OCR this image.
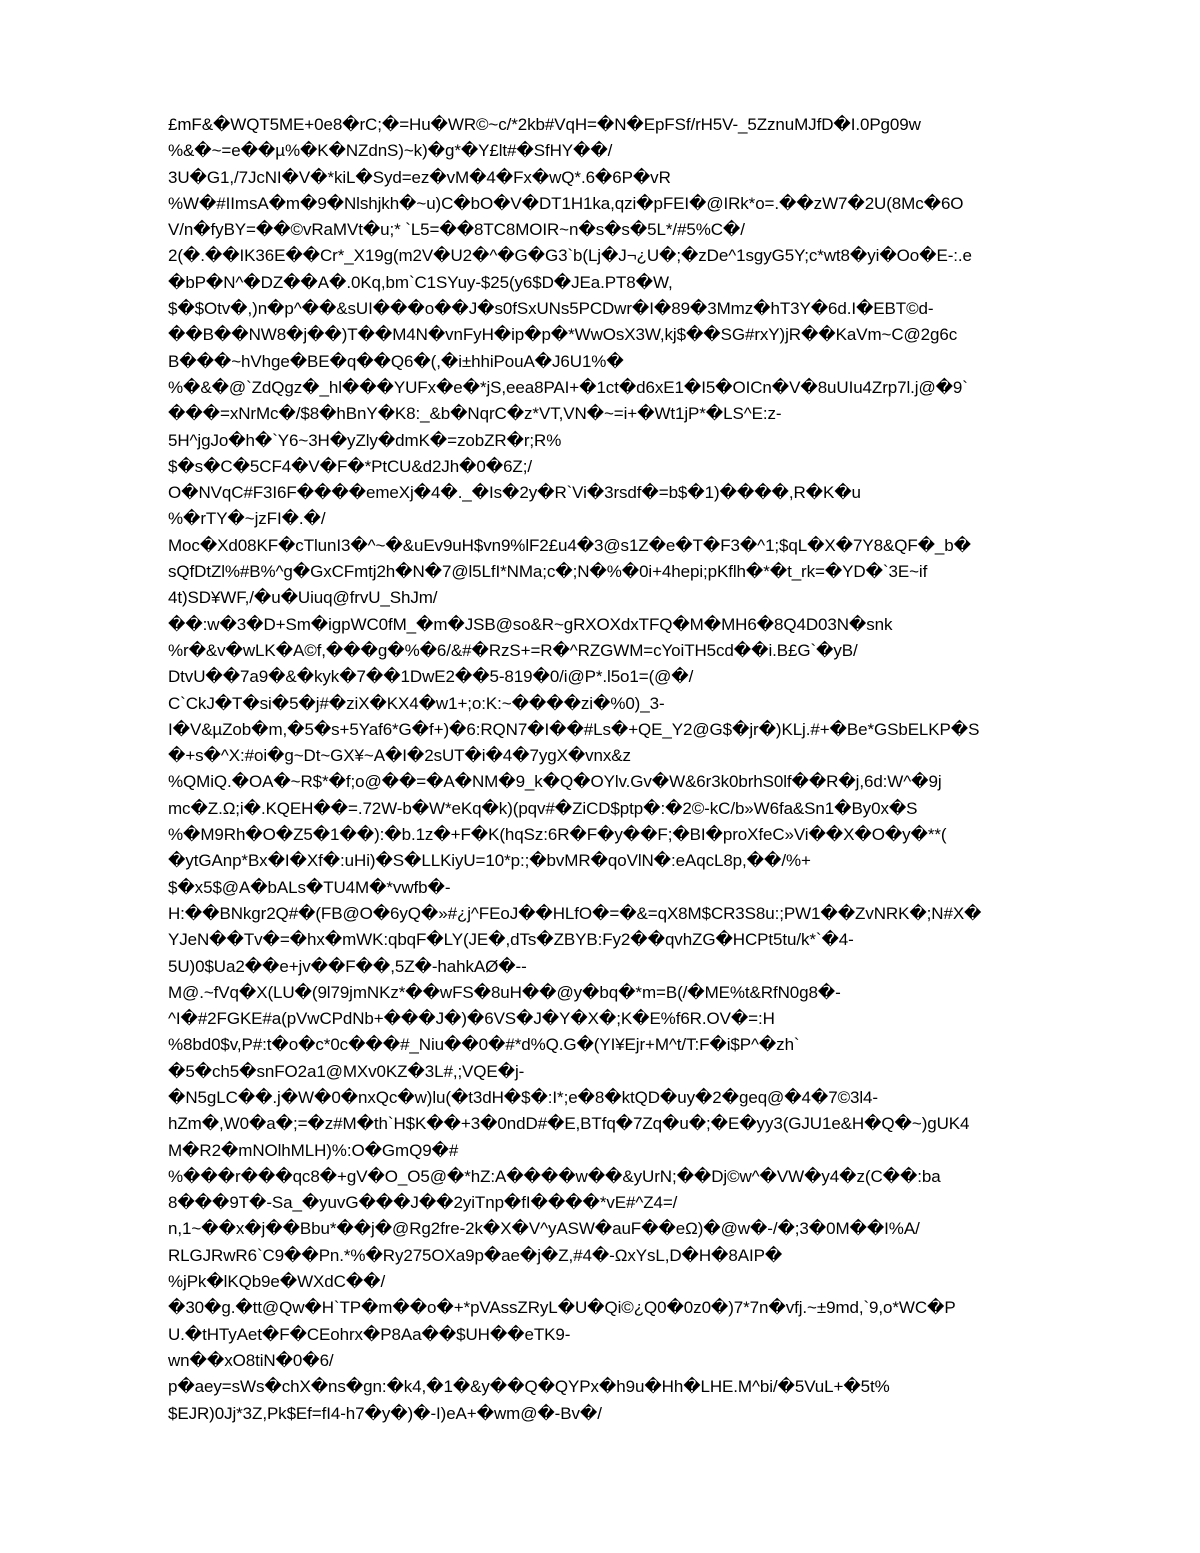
£mF&�WQT5ME+0e8�rC;�=Hu�WR©~c/*2kb#VqH=�N�EpFSf/rH5V-_5ZznuMJfD�I.0Pg09w
%&�~=e��µ%�K�NZdnS)~k)�g*�Y£lt#�SfHY��/
3U�G1,/7JcNI�V�*kiL�Syd=ez�vM�4�Fx�wQ*.6�6P�vR
%W�#IImsA�m�9�Nlshjkh�~u)C�bO�V�DT1H1ka,qzi�pFEI�@IRk*o=.��zW7�2U(8Mc�6O
V/n�fyBY=��©vRaMVt�u;* `L5=��8TC8MOIR~n�s�s�5L*/#5%C�/
2(�.��IK36E��Cr*_X19g(m2V�U2�^�G�G3`b(Lj�J¬¿U�;�zDe^1sgyG5Y;c*wt8�yi�Oo�E-:.e
�bP�N^�DZ��A�.0Kq,bm`C1SYuy-$25(y6$D�JEa.PT8�W,
$�$Otv�,)n�p^��&sUI���o��J�s0fSxUNs5PCDwr�I�89�3Mmz�hT3Y�6d.I�EBT©d-
��B��NW8�j��)T��M4N�vnFyH�ip�p�*WwOsX3W,kj$��SG#rxY)jR��KaVm~C@2g6c
B���~hVhge�BE�q��Q6�(,�i±hhiPouA�J6U1%�
%�&�@`ZdQgz�_hl���YUFx�e�*jS,eea8PAI+�1ct�d6xE1�I5�OICn�V�8uUIu4Zrp7l.j@�9`
���=xNrMc�/$8�hBnY�K8:_&b�NqrC�z*VT,VN�~=i+�Wt1jP*�LS^E:z-
5H^jgJo�h�`Y6~3H�yZly�dmK�=zobZR�r;R%
$�s�C�5CF4�V�F�*PtCU&d2Jh�0�6Z;/
O�NVqC#F3I6F����emeXj�4�._�Is�2y�R`Vi�3rsdf�=b$�1)����,R�K�u
%�rTY�~jzFI�.�/
Moc�Xd08KF�cTlunI3�^~�&uEv9uH$vn9%lF2£u4�3@s1Z�e�T�F3�^1;$qL�X�7Y8&QF�_b�
sQfDtZl%#B%^g�GxCFmtj2h�N�7@l5LfI*NMa;c�;N�%�0i+4hepi;pKflh�*�t_rk=�YD�`3E~if
4t)SD¥WF,/�u�Uiuq@frvU_ShJm/
��:w�3�D+Sm�igpWC0fM_�m�JSB@so&R~gRXOXdxTFQ�M�MH6�8Q4D03N�snk
%r�&v�wLK�A©f,���g�%�6/&#�RzS+=R�^RZGWM=cYoiTH5cd��i.B£G`�yB/
DtvU��7a9�&�kyk�7��1DwE2��5-819�0/i@P*.l5o1=(@�/
C`CkJ�T�si�5�j#�ziX�KX4�w1+;o:K:~����zi�%0)_3-
I�V&µZob�m,�5�s+5Yaf6*G�f+)�6:RQN7�I��#Ls�+QE_Y2@G$�jr�)KLj.#+�Be*GSbELKP�S
�+s�^X:#oi�g~Dt~GX¥~A�I�2sUT�i�4�7ygX�vnx&z
%QMiQ.�OA�~R$*�f;o@��=�A�NM�9_k�Q�OYlv.Gv�W&6r3k0brhS0lf��R�j,6d:W^�9j
mc�Z.Ω;i�.KQEH��=.72W-b�W*eKq�k)(pqv#�ZiCD$ptp�:�2©-kC/b»W6fa&Sn1�By0x�S
%�M9Rh�O�Z5�1��):�b.1z�+F�K(hqSz:6R�F�y��F;�BI�proXfeC»Vi��X�O�y�**(
�ytGAnp*Bx�I�Xf�:uHi)�S�LLKiyU=10*p:;�bvMR�qoVlN�:eAqcL8p,��/%+
$�x5$@A�bALs�TU4M�*vwfb�-
H:��BNkgr2Q#�(FB@O�6yQ�»#¿j^FEoJ��HLfO�=�&=qX8M$CR3S8u:;PW1��ZvNRK�;N#X�
YJeN��Tv�=�hx�mWK:qbqF�LY(JE�,dTs�ZBYB:Fy2��qvhZG�HCPt5tu/k*`�4-
5U)0$Ua2��e+jv��F��,5Z�-hahkAØ�--
M@.~fVq�X(LU�(9l79jmNKz*��wFS�8uH��@y�bq�*m=B(/�ME%t&RfN0g8�-
^I�#2FGKE#a(pVwCPdNb+���J�)�6VS�J�Y�X�;K�E%f6R.OV�=:H
%8bd0$v,P#:t�o�c*0c���#_Niu��0�#*d%Q.G�(YI¥Ejr+M^t/T:F�i$P^�zh`
�5�ch5�snFO2a1@MXv0KZ�3L#,;VQE�j-
�N5gLC��.j�W�0�nxQc�w)lu(�t3dH�$�:I*;e�8�ktQD�uy�2�geq@�4�7©3l4-
hZm�,W0�a�;=�z#M�th`H$K��+3�0ndD#�E,BTfq�7Zq�u�;�E�yy3(GJU1e&H�Q�~)gUK4
M�R2�mNOlhMLH)%:O�GmQ9�#
%���r���qc8�+gV�O_O5@�*hZ:A����w��&yUrN;��Dj©w^�VW�y4�z(C��:ba
8���9T�-Sa_�yuvG���J��2yiTnp�fI����*vE#^Z4=/
n,1~��x�j��Bbu*��j�@Rg2fre-2k�X�V^yASW�auF��eΩ)�@w�-/�;3�0M��I%A/
RLGJRwR6`C9��Pn.*%�Ry275OXa9p�ae�j�Z,#4�-ΩxYsL,D�H�8AIP�
%jPk�lKQb9e�WXdC��/
�30�g.�tt@Qw�H`TP�m��o�+*pVAssZRyL�U�Qi©¿Q0�0z0�)7*7n�vfj.~±9md,`9,o*WC�P
U.�tHTyAet�F�CEohrx�P8Aa��$UH��eTK9-
wn��xO8tiN�0�6/
p�aey=sWs�chX�ns�gn:�k4,�1�&y��Q�QYPx�h9u�Hh�LHE.M^bi/�5VuL+�5t%
$EJR)0Jj*3Z,Pk$Ef=fI4-h7�y�)�-I)eA+�wm@�-Bv�/
